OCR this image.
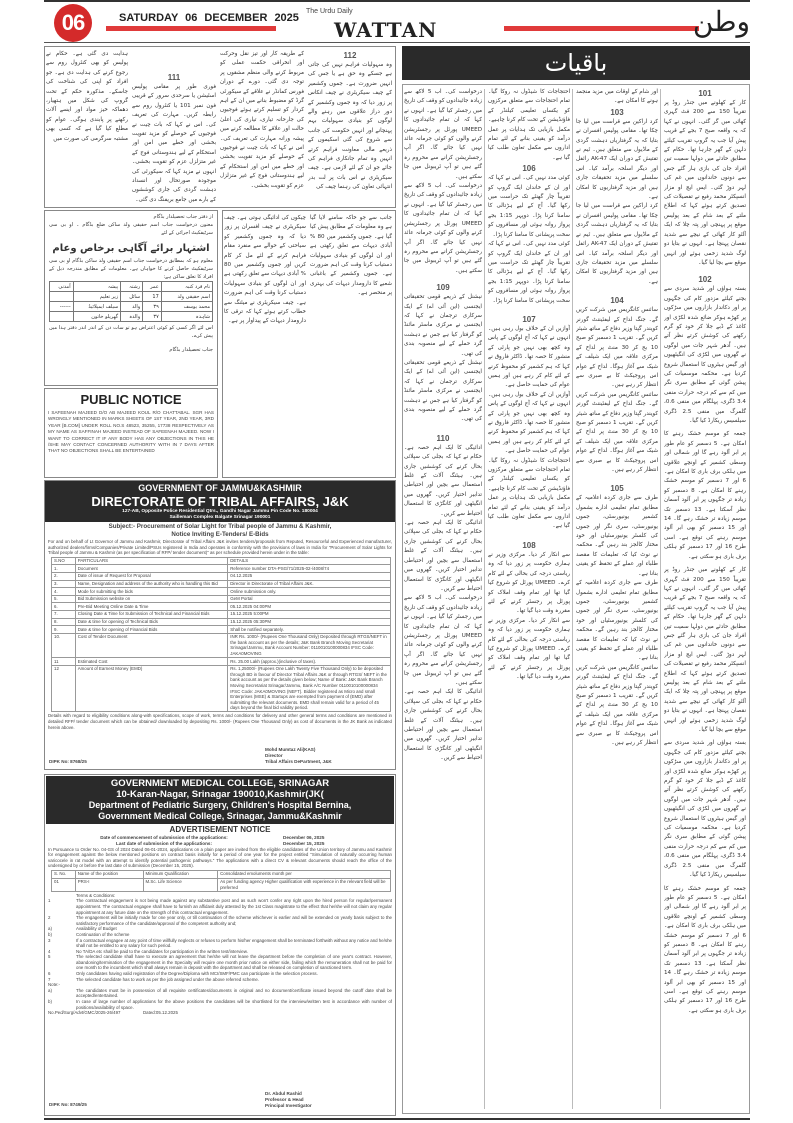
06	SATURDAY 06 DECEMBER 2025
The Urdu Daily
WATTAN	وطن
112
وہ سہولیات فراہم نہیں کی جاتی ہے جسکے وہ حق ہے یا جس کی انہیں ضرورت ہے۔ جموں وکشمیر کے چیف سیکریٹری نے چیف انکاس پر زور دیا کہ وہ جموں وکشمیر کے دور دراز علاقوں میں رہنے والے لوگوں کو بنیادی سہولیات بہم پہنچانے اور انہیں حکومت کی جانب سے شروع کی گئی اسکیموں کے ذریعے مالی معاونت فراہم کرتے انہیں وہ تمام جانکاری فراہم کی جائے جو ان کے لئے لازمی ہے۔ چیف سیکریٹری نے اس بات پر لت بدر انتہائی تعاون کی رہنما چیف کی
کے طریقہ کار اور تیز نقل وحرکت اور انخراقی حکمت عملی کو مربوط کرنے والی منظم مشقوں پر توجہ دی گئی۔ دورے کے دوران فورس کمانڈر نے علاقے کے سیکورٹی گرڈ کو مضبوط بنانے میں ان کے اہم کردار کو تسلیم کرتے ہوئے فوجیوں کی جارحانہ تیاری، تیاری کی اعلیٰ حالت اور علاقے کا مطالعہ کرنے میں پیشہ ورانہ مہارت کی تعریف کی۔ اس نے کہا کہ بات چیت نے فوجیوں کے حوصلے کو مزید تقویت بخشی اور خطے میں امن اور استحکام کے لیے ہندوستانی فوج کے غیر متزلزل عزم کو تقویت بخشی۔
111
فوری طور پر مقامی پولیس اسٹیشن یا سرحدی سرور کے قریبی فون نمبر 101 یا کنٹرول روم سے رابطہ کریں۔ مہارت کی تعریف کی۔ اس نے کہا کہ بات چیت نے فوجیوں کے حوصلے کو مزید تقویت بخشی اور خطے میں امن اور استحکام کے لیے ہندوستانی فوج کے غیر متزلزل عزم کو تقویت بخشی۔ انہوں نے مزید کہا کہ سیکورٹی کی موجودہ صورتحال اور انسداد دہشت گردی کی جاری کوششوں کے بارے میں جامع بریفنگ دی گئی۔
ہدایت دی گئی ہے۔ حکام نے پولیس کو بھی کنٹرول روم سے رجوع کرنے کی ہدایت دی ہے۔ جو افراد کو اپنی کی شناخت کی جاسکے۔ مذکورہ حکم کے تحت گروپ کی شکل میں ہتھیار، دھماکہ خیز مواد اور ایسے آلات رکھنے پر پابندی ہوگی۔ عوام کو مطلع کیا گیا ہے کہ کسی بھی مشتبہ سرگرمی کی صورت میں
از دفتر جناب تحصیلدار بڈگام
معنون درخواست جناب اسم حقیقی ولد ساکن ضلع بڈگام ۔ او بی سی سرٹیفکیٹ اجرائی کے لئے
اشتہار برائے آگاہی برخاص وعام
معلوم ہو کہ بمطابق درخواست جناب اسم حقیقی ولد ساکن بڈگام او بی سی سرٹیفکیٹ حاصل کرنے کا خواہاں ہے۔ معلومات کے مطابق مندرجہ ذیل کے افراد کا تعلق ساکن ہے:
نام فرد کنبہ	عمر	رشتہ	پیشہ	آمدنی
اسم حقیقی ولد	17	سائل	زیر تعلیم	
محمد یوسف	۳۹	والد	سیلف ایمپلائیڈ	------
شاہدہ	۳۷	والدہ	گھریلو خاتون	
اس لئے اگر کسی کو کوئی اعتراض ہو تو سات دن کے اندر اندر دفتر ہذا میں پیش کرے۔
جناب تحصیلدار بڈگام
جانب سے جو خاکہ سامنے لایا گیا ہے وہ معلومات کے مطابق پیش کیا گیا ہے۔ جموں وکشمیر میں 80 % آبادی دیہات سے تعلق رکھتی ہے اور ان لوگوں کو بنیادی سہولیات دستیاب کرنا وقت کی اہم ضرورت ہے۔ جموں وکشمیر کے باغبانی شعبے کا دارومدار دیہات کی بہتری پر منحصر ہے۔
چیکوں کی ادائیگی ہوتی ہے۔ چیف سیکریٹری نے چیف افسران پر زور دیا کہ وہ جموں وکشمیر کو سیاحتی کے حوالے سے منفرد مقام فراہم کرنے کے لئے مل کر کام کریں اور جموں وکشمیر میں 80 % آبادی دیہات سے تعلق رکھتی ہے اور ان لوگوں کو بنیادی سہولیات دستیاب کرنا وقت کی اہم ضرورت ہے۔ چیف سیکریٹری نے میٹنگ سے خطاب کرتے ہوئے کہا کہ ترقی کا دارومدار دیہات کے پیداوار پر ہے۔
PUBLIC NOTICE
I SAFEENAH MAJEED D/O AB MAJEED KOUL R/O CHATTABAL. SGR HAS WRONGLY MENTIONED IN MARKS SHEETS OF 1ST YEAR, 2ND YEAR, 3RD YEAR [B.COM] UNDER ROLL NO.S 48523, 35255, 17738 RESPECTIVELY AS MY NAME AS SAFFINAH MAJEED INSTEAD OF SAFEENAH MAJEED. NOW I WANT TO CORRECT IT IF ANY BODY HAS ANY OBJECTIONS IN THIS HE /SHE MAY CONTACT CONCERNED AUTHORITY WITH IN 7 DAYS AFTER THAT NO OBJECTIONS SHALL BE ENTERTAINED
GOVERNMENT OF JAMMU&KASHMIR
DIRECTORATE OF TRIBAL AFFAIRS, J&K
127-AB, Opposite Police Residential Qtrs., Gandhi Nagar Jammu Pin Code No. 180004
Sailleman Complex Balgate Srinagar 190001
Subject:- Procurement of Solar Light for Tribal people of Jammu & Kashmir,
Notice Inviting E-Tenders/ E-Bids
For and on behalf of Lt Governor of Jammu and Kashmir, Directorate of Tribal Affairs J&K invites tenders/proposals from Reputed, Resourceful and Experienced manufacturer, authorized dealers/firms/Companies/Private Limited/PSUs registered in India and operates in conformity with the provisions of laws in India for "Procurement of Solar Lights for Tribal people of Jammu & Kashmir (as per specification of RFP/ tender document)" as per schedule provided herein under in the table:
S.NO	PARTICULARS	DETAILS
1.	Document	Reference number DTA-PSG/71/2025-02-/4008/74
2.	Date of issue of Request for Proposal	04.12.2025
3.	Name, Designation and address of the authority who is handling this Bid	Director in Directorate of Tribal Affairs J&K.
4.	Mode for submitting the bids	Online submission only.
5.	Bid Submission website on	GeM Portal
6.	Pre-Bid Meeting Online Date & Time	05.12.2025 04:00PM
7.	Closing Date & Time for Submission of Technical and Financial Bids	15.12.2025 5:00PM
8.	Date & time for opening of Technical Bids	15.12.2025 05:30PM
9.	Date & time for opening of Financial Bids	Shall be notified separately.
10.	Cost of Tender Document	INR Rs. 1000/- (Rupees One Thousand Only) Deposited through RTGS/NEFT in the bank account as per the details; J&K Bank Branch Moving Secretariat Srinagar/Jammu, Bank Account Number: 0110010100000834 IFSC Code: JAKA0MOVING
11	Estimated Cost	Rs. 25.00 Lakh (approx.)(inclusive of taxes).
12	Amount of Earnest Money (EMD)	Rs. 1,25000/- (Rupees One Lakh Twenty Five Thousand Only) to be deposited through BD in favour of Director Tribal Affairs J&K or through RTGS/ NEFT in the bank account as per the details given below; Name of Bank: J&K Bank Branch Moving Secretariat Srinagar/Jammu, Bank A/C Number 0110010100000834 IFSC Code: JAKA0MOVING (NEFT). Bidder registered as Micro and small Enterprises (MSE) & Startups are exempted from payment of (EMD) after submitting the relevant documents. EMD shall remain valid for a period of 45 days beyond the final bid validity period.
Details with regard to eligibility conditions along-with specifications, scope of work, terms and conditions for delivery and other general terms and conditions are mentioned in detailed RFP/ tender document which can be obtained/ downloaded by depositing Rs. 1000/- (Rupees One Thousand Only) as cost of documents in the JK Bank as indicated herein above.
Mohd Mumtaz Ali(KAS)
Director
Tribal Affairs DePartment, J&K
DIPK No: 8768/25
GOVERNMENT MEDICAL COLLEGE, SRINAGAR
10-Karan-Nagar, Srinagar 190010,Kashmir(JK(
Department of Pediatric Surgery, Children's Hospital Bernina,
Government Medical College, Srinagar, Jammu&Kashmir
ADVERTISEMENT NOTICE
Date of commencement of submission of the applications:	December 06, 2025
Last date of submission of the applications:	December 15, 2025
In Pursuance to Order No. 04-GS of 2024 Dated 06-01-2024, applications on a plain paper are invited from the eligible candidates of the Union territory of Jammu and Kashmir for engagement against the below mentioned positions on contract basis initially for a period of one year for the project entitled "Simulation of naturally occurring human varicocele in rat model with an attempt to identify potential pathogenic pathways." The applications with a direct CV & relevant documents should reach the office of the undersigned by or before the last date of submission (December 15, 2025).
S. No.	Name of the position	Minimum Qualification	Consolidated emoluments month per
01	PRS-I	M.Sc. Life Science	As per funding agency Higher qualification with experience in the relevant field will be preferred
Terms & Conditions:
1	The contractual engagement is not being made against any substantive post and as such won't confer any right upon the hired person for regular/permanent appointment. The contractual engagee shall have to furnish an affidavit duly attested by the 1st Class magistrate to the effect that he/she will not claim any regular appointment at any future date on the strength of this contractual engagement.
2	The engagement will be initially made for one year only, or till continuation of the scheme whichever is earlier and will be extended on yearly basis subject to the satisfactory performance of the candidate/approval of the competent authority and;
a)	Availability of Budget
b)	Continuation of the scheme
3	If a contractual engagee at any point of time willfully neglects or refuses to perform his/her engagement shall be terminated forthwith without any notice and he/she shall not be entitled to any salary for such period.
4	No TA/DA etc shall be paid to the candidates for participation in the written test/interview.
5	The selected candidate shall have to execute an agreement that he/she will not leave the department before the completion of one year's contract. However, abandoning/termination of the engagement in the Specialty will require one month prior notice on either side, failing which the remuneration shall not be paid for one month to the incumbent which shall always remain in deposit with the department and shall be released on completion of sanctioned term.
6	Only candidates having valid registration of the Degree/Diploma with MCI/SMF/PMC can participate in the selection process.
7	The selected candidate has to work as per the job assigned under the above referred scheme.
Note:-
a)	The candidates must be in possession of all requisite certificates/documents in original and no document/certificate issued beyond the cutoff date shall be accepted/entertained.
b)	In case of large number of applications for the above positions the candidates will be shortlisted for the interview/written test in accordance with number of positions/availability of space.
No.Ped/Surg/Advt/GMC/2025-26/497	Dated:05.12.2025
Dr. Abdul Rashid
Professor & Head
Principal Investigator
DIPK No: 8749/25
باقیات
101
کار کے کھلونے میں جنڈر روڈ پر تقریباً 150 سے 200 فٹ گہری کھائی میں گر گئی۔ انہوں نے کہا کہ یہ واقعہ صبح 7 بجے کے قریب پیش آیا جب یہ گروپ تقریب کیلئے دلہن کے گھر جارہا تھا۔ حکام کے مطابق حادثے میں دولہا سمیت تین افراد جان کی بازی ہار گئے جس سے دونوں خاندانوں میں غم کی لہر دوڑ گئی۔ ایس ایچ او مزار انسپکٹر محمد رفیع نے تفصیلات کی تصدیق کرتے ہوئے کہا کہ اطلاع ملتے کے بعد شام کے بعد پولیس موقع پر پہنچی اور پتہ چلا کہ ایک آلٹو کار کھائی کے نیچے سے شدید نقصان پہنچا ہے۔ انہوں نے بتایا دو لوگ شدید زخمی ہوئے اور انہیں موقع سے بچا لیا گیا۔
102
بستہ ہواؤں اور شدید سردی سے بچنے کیلئے مزدور کام کی جگہوں پر اور دکاندار بازاروں میں سڑکوں پر کھڑے ہوکر ضائع شدہ لکڑی اور کاغذ کے ڈبے جلا کر خود کو گرم رکھنے کی کوشش کرتے نظر آتے ہیں۔ اُدھر شہر جات میں لوگوں نے گھروں میں لکڑی کی انگیٹھیوں اور گیس ہیٹروں کا استعمال شروع کردیا ہے۔ محکمہ موسمیات کی پیشن گوئی کے مطابق سری نگر میں کم سے کم درجہ حرارت منفی 3.4 ڈگری، پہلگام میں منفی 0.6، گلمرگ میں منفی 2.5 ڈگری سیلسیس ریکارڈ کیا گیا۔
جمعہ کو موسم خشک رہنے کا امکان ہے۔ 5 دسمبر کو عام طور پر ابر آلود رہے گا اور شمالی اور وسطی کشمیر کے اونچے علاقوں میں ہلکی برف باری کا امکان ہے۔ 6 اور 7 دسمبر کو موسم خشک رہنے کا امکان ہے۔ 8 دسمبر کو زیادہ تر جگہوں پر ابر آلود آسمان نظر آسکتا ہے۔ 13 دسمبر تک موسم زیادہ تر خشک رہے گا۔ 14 اور 15 دسمبر کو بھی ابر آلود موسم رہنے کی توقع ہے۔ اسی طرح 16 اور 17 دسمبر کو ہلکی برف باری ہو سکتی ہے۔
کار کے کھلونے میں جنڈر روڈ پر تقریباً 150 سے 200 فٹ گہری کھائی میں گر گئی۔ انہوں نے کہا کہ یہ واقعہ صبح 7 بجے کے قریب پیش آیا جب یہ گروپ تقریب کیلئے دلہن کے گھر جارہا تھا۔ حکام کے مطابق حادثے میں دولہا سمیت تین افراد جان کی بازی ہار گئے جس سے دونوں خاندانوں میں غم کی لہر دوڑ گئی۔ ایس ایچ او مزار انسپکٹر محمد رفیع نے تفصیلات کی تصدیق کرتے ہوئے کہا کہ اطلاع ملتے کے بعد شام کے بعد پولیس موقع پر پہنچی اور پتہ چلا کہ ایک آلٹو کار کھائی کے نیچے سے شدید نقصان پہنچا ہے۔ انہوں نے بتایا دو لوگ شدید زخمی ہوئے اور انہیں موقع سے بچا لیا گیا۔
بستہ ہواؤں اور شدید سردی سے بچنے کیلئے مزدور کام کی جگہوں پر اور دکاندار بازاروں میں سڑکوں پر کھڑے ہوکر ضائع شدہ لکڑی اور کاغذ کے ڈبے جلا کر خود کو گرم رکھنے کی کوشش کرتے نظر آتے ہیں۔ اُدھر شہر جات میں لوگوں نے گھروں میں لکڑی کی انگیٹھیوں اور گیس ہیٹروں کا استعمال شروع کردیا ہے۔ محکمہ موسمیات کی پیشن گوئی کے مطابق سری نگر میں کم سے کم درجہ حرارت منفی 3.4 ڈگری، پہلگام میں منفی 0.6، گلمرگ میں منفی 2.5 ڈگری سیلسیس ریکارڈ کیا گیا۔
جمعہ کو موسم خشک رہنے کا امکان ہے۔ 5 دسمبر کو عام طور پر ابر آلود رہے گا اور شمالی اور وسطی کشمیر کے اونچے علاقوں میں ہلکی برف باری کا امکان ہے۔ 6 اور 7 دسمبر کو موسم خشک رہنے کا امکان ہے۔ 8 دسمبر کو زیادہ تر جگہوں پر ابر آلود آسمان نظر آسکتا ہے۔ 13 دسمبر تک موسم زیادہ تر خشک رہے گا۔ 14 اور 15 دسمبر کو بھی ابر آلود موسم رہنے کی توقع ہے۔ اسی طرح 16 اور 17 دسمبر کو ہلکی برف باری ہو سکتی ہے۔
اور شام کے اوقات میں مزید منجمد ہونے کا امکان ہے۔
103
کرد اراکین سے قراست میں لیا جا چکا تھا۔ مقامی پولیس افسران نے بتایا کہ یہ گرفتاریاں دہشت گردی کے ماڈیول سے متعلق ہیں۔ ٹیم نے تفتیش کے دوران ایک AK-47 رائفل اور دیگر اسلحہ برآمد کیا۔ اس سلسلے میں مزید تحقیقات جاری ہیں اور مزید گرفتاریوں کا امکان ہے۔
کرد اراکین سے قراست میں لیا جا چکا تھا۔ مقامی پولیس افسران نے بتایا کہ یہ گرفتاریاں دہشت گردی کے ماڈیول سے متعلق ہیں۔ ٹیم نے تفتیش کے دوران ایک AK-47 رائفل اور دیگر اسلحہ برآمد کیا۔ اس سلسلے میں مزید تحقیقات جاری ہیں اور مزید گرفتاریوں کا امکان ہے۔
104
سائنس کانگریس میں شرکت کریں گے۔ جنگ لداخ کے لیفٹیننٹ گورنر کویندر گپتا وزیر دفاع کے ساتھ شیئر کریں گے۔ تقریب 1 دسمبر کو صبح 10 بج کر 30 منٹ پر لداخ کے مرکزی علاقہ میں ایک شیلف کے شیک سے آغاز ہوگا۔ لداخ کے عوام اس پروجیکٹ کا بے صبری سے انتظار کر رہے ہیں۔
سائنس کانگریس میں شرکت کریں گے۔ جنگ لداخ کے لیفٹیننٹ گورنر کویندر گپتا وزیر دفاع کے ساتھ شیئر کریں گے۔ تقریب 1 دسمبر کو صبح 10 بج کر 30 منٹ پر لداخ کے مرکزی علاقہ میں ایک شیلف کے شیک سے آغاز ہوگا۔ لداخ کے عوام اس پروجیکٹ کا بے صبری سے انتظار کر رہے ہیں۔
105
طرف سے جاری کردہ اعلامیہ کے مطابق تمام تعلیمی ادارے بشمول کشمیر یونیورسٹی، جموں یونیورسٹی، سری نگر اور جموں کی کلسٹر یونیورسٹیاں اور خود مختار کالجز بند رہیں گے۔ محکمہ نے نوٹ کیا کہ تعلیمات کا مقصد طلباء اور عملے کے تحفظ کو یقینی بنانا ہے۔
طرف سے جاری کردہ اعلامیہ کے مطابق تمام تعلیمی ادارے بشمول کشمیر یونیورسٹی، جموں یونیورسٹی، سری نگر اور جموں کی کلسٹر یونیورسٹیاں اور خود مختار کالجز بند رہیں گے۔ محکمہ نے نوٹ کیا کہ تعلیمات کا مقصد طلباء اور عملے کے تحفظ کو یقینی بنانا ہے۔
سائنس کانگریس میں شرکت کریں گے۔ جنگ لداخ کے لیفٹیننٹ گورنر کویندر گپتا وزیر دفاع کے ساتھ شیئر کریں گے۔ تقریب 1 دسمبر کو صبح 10 بج کر 30 منٹ پر لداخ کے مرکزی علاقہ میں ایک شیلف کے شیک سے آغاز ہوگا۔ لداخ کے عوام اس پروجیکٹ کا بے صبری سے انتظار کر رہے ہیں۔
احتجاجات کا شیڈول نہ روکا گیا۔ تمام احتجاجات سے متعلق مرکزوں کو یکساں تعلیمی کیلنڈر کے فاؤنڈیشن کے تحت کام کرنا چاہیے۔ مکمل بازیابی تک ہدایات پر عمل درآمد کو یقینی بنانے کے لئے تمام اداروں سے مکمل تعاون طلب کیا گیا ہے۔
106
کوئی مدد نہیں کی۔ اس نے کہا کہ اور ان کے خاندان ایک گروپ کو تقریباً چار گھنٹے تک حراست میں رکھا گیا۔ آج کے لیے ہڑتالی کا سامنا کرنا پڑا۔ دوپہر 1:15 بجے پرواز روانہ ہوئی اور مسافروں کو سخت پریشانی کا سامنا کرنا پڑا۔
کوئی مدد نہیں کی۔ اس نے کہا کہ اور ان کے خاندان ایک گروپ کو تقریباً چار گھنٹے تک حراست میں رکھا گیا۔ آج کے لیے ہڑتالی کا سامنا کرنا پڑا۔ دوپہر 1:15 بجے پرواز روانہ ہوئی اور مسافروں کو سخت پریشانی کا سامنا کرنا پڑا۔
107
آوازیں ان کے خلاف بول رہی ہیں۔ انہوں نے کہا کہ آج لوگوں کے پاس وہ کچھ بھی نہیں جو پارٹی کے منشور کا حصہ تھا۔ ڈاکٹر فاروق نے کہا کہ ہم کشمیر کو محفوظ کرنے کے لئے کام کر رہے ہیں اور ہمیں عوام کی حمایت حاصل ہے۔
آوازیں ان کے خلاف بول رہی ہیں۔ انہوں نے کہا کہ آج لوگوں کے پاس وہ کچھ بھی نہیں جو پارٹی کے منشور کا حصہ تھا۔ ڈاکٹر فاروق نے کہا کہ ہم کشمیر کو محفوظ کرنے کے لئے کام کر رہے ہیں اور ہمیں عوام کی حمایت حاصل ہے۔
احتجاجات کا شیڈول نہ روکا گیا۔ تمام احتجاجات سے متعلق مرکزوں کو یکساں تعلیمی کیلنڈر کے فاؤنڈیشن کے تحت کام کرنا چاہیے۔ مکمل بازیابی تک ہدایات پر عمل درآمد کو یقینی بنانے کے لئے تمام اداروں سے مکمل تعاون طلب کیا گیا ہے۔
108
سے انکار کر دیا۔ مرکزی وزیر نے ہماری حکومت پر زور دیا کہ وہ ریاستی درجہ کی بحالی کے لئے کام کرے۔ UMEED پورٹل کو شروع کیا گیا تھا اور تمام وقف املاک کو پورٹل پر رجسٹر کرنے کے لئے مقررہ وقت دیا گیا تھا۔
سے انکار کر دیا۔ مرکزی وزیر نے ہماری حکومت پر زور دیا کہ وہ ریاستی درجہ کی بحالی کے لئے کام کرے۔ UMEED پورٹل کو شروع کیا گیا تھا اور تمام وقف املاک کو پورٹل پر رجسٹر کرنے کے لئے مقررہ وقت دیا گیا تھا۔
درخواست کی۔ اب 5 لاکھ سے زیادہ جائیدادوں کو وقف کی تاریخ میں رجسٹر کیا گیا ہے۔ انہوں نے کہا کہ ان تمام جائیدادوں کا UMEED پورٹل پر رجسٹریشن کرنے والوں کو کوئی جرمانہ عائد نہیں کیا جائے گا۔ اگر آپ رجسٹریشن کرانے سے محروم رہ گئے ہیں تو آپ ٹریبونل میں جا سکتے ہیں۔
درخواست کی۔ اب 5 لاکھ سے زیادہ جائیدادوں کو وقف کی تاریخ میں رجسٹر کیا گیا ہے۔ انہوں نے کہا کہ ان تمام جائیدادوں کا UMEED پورٹل پر رجسٹریشن کرنے والوں کو کوئی جرمانہ عائد نہیں کیا جائے گا۔ اگر آپ رجسٹریشن کرانے سے محروم رہ گئے ہیں تو آپ ٹریبونل میں جا سکتے ہیں۔
109
نیشنل کے ذریعے قومی تحقیقاتی ایجنسی (این آئی اے) کے ایک سرکاری ترجمان نے کہا کہ ایجنسی نے مرکزی ماسٹر مائنڈ کو گرفتار کیا ہے جس نے دہشت گرد حملے کے لیے منصوبہ بندی کی تھی۔
نیشنل کے ذریعے قومی تحقیقاتی ایجنسی (این آئی اے) کے ایک سرکاری ترجمان نے کہا کہ ایجنسی نے مرکزی ماسٹر مائنڈ کو گرفتار کیا ہے جس نے دہشت گرد حملے کے لیے منصوبہ بندی کی تھی۔
110
ادائیگی کا ایک اہم حصہ ہے۔ حکام نے کہا کہ بجلی کی سپلائی بحال کرنے کی کوششیں جاری ہیں۔ ہیٹنگ آلات کے غلط استعمال سے بچیں اور احتیاطی تدابیر اختیار کریں۔ گھروں میں انگیٹھی اور کانگڑی کا استعمال احتیاط سے کریں۔
ادائیگی کا ایک اہم حصہ ہے۔ حکام نے کہا کہ بجلی کی سپلائی بحال کرنے کی کوششیں جاری ہیں۔ ہیٹنگ آلات کے غلط استعمال سے بچیں اور احتیاطی تدابیر اختیار کریں۔ گھروں میں انگیٹھی اور کانگڑی کا استعمال احتیاط سے کریں۔
درخواست کی۔ اب 5 لاکھ سے زیادہ جائیدادوں کو وقف کی تاریخ میں رجسٹر کیا گیا ہے۔ انہوں نے کہا کہ ان تمام جائیدادوں کا UMEED پورٹل پر رجسٹریشن کرنے والوں کو کوئی جرمانہ عائد نہیں کیا جائے گا۔ اگر آپ رجسٹریشن کرانے سے محروم رہ گئے ہیں تو آپ ٹریبونل میں جا سکتے ہیں۔
ادائیگی کا ایک اہم حصہ ہے۔ حکام نے کہا کہ بجلی کی سپلائی بحال کرنے کی کوششیں جاری ہیں۔ ہیٹنگ آلات کے غلط استعمال سے بچیں اور احتیاطی تدابیر اختیار کریں۔ گھروں میں انگیٹھی اور کانگڑی کا استعمال احتیاط سے کریں۔
